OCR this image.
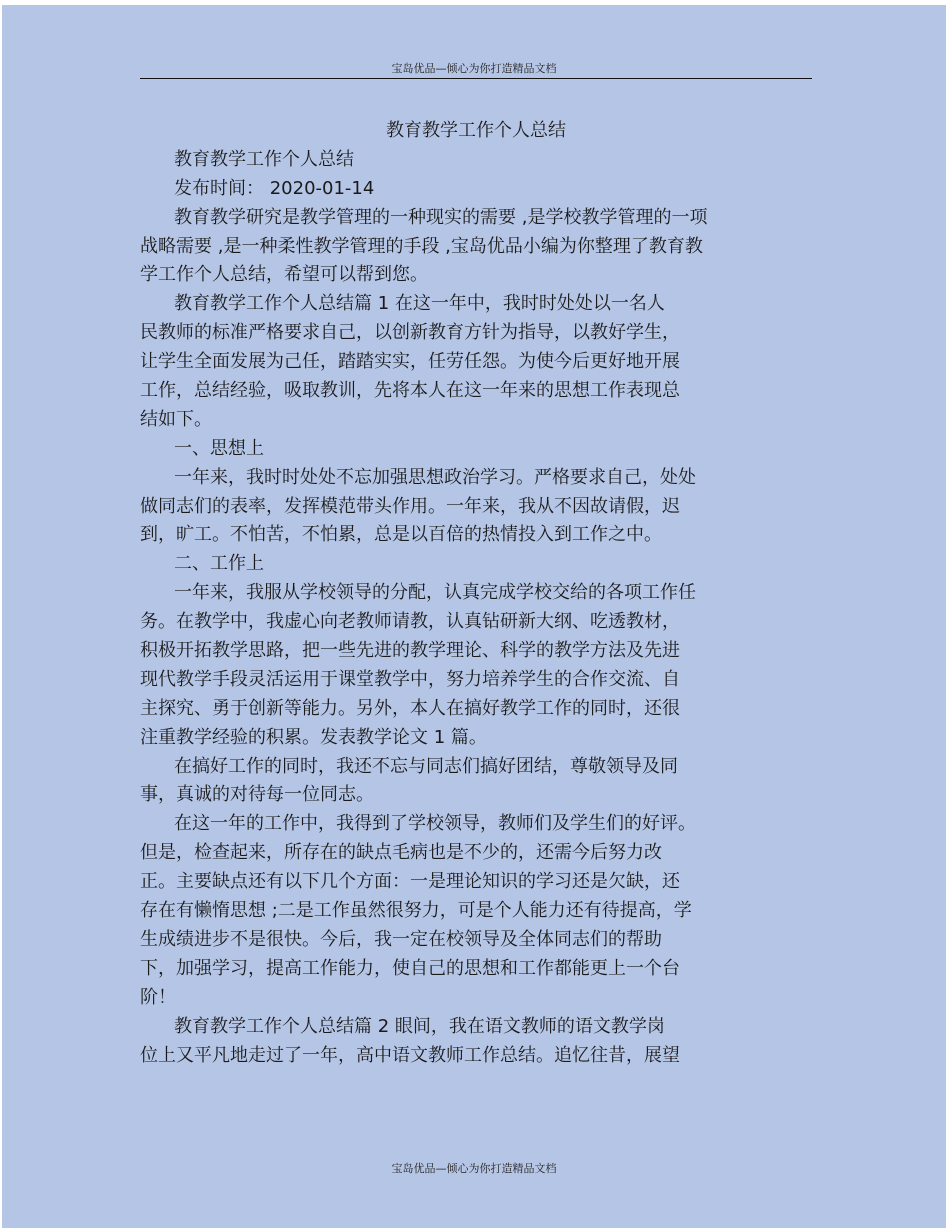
宝岛优品—倾心为你打造精品文档
教育教学工作个人总结
教育教学工作个人总结
发布时间： 2020-01-14
教育教学研究是教学管理的一种现实的需要 ,是学校教学管理的一项
战略需要 ,是一种柔性教学管理的手段 ,宝岛优品小编为你整理了教育教
学工作个人总结，希望可以帮到您。
教育教学工作个人总结篇 1 在这一年中，我时时处处以一名人
民教师的标准严格要求自己，以创新教育方针为指导，以教好学生，
让学生全面发展为己任，踏踏实实，任劳任怨。为使今后更好地开展
工作，总结经验，吸取教训，先将本人在这一年来的思想工作表现总
结如下。
一、思想上
一年来，我时时处处不忘加强思想政治学习。严格要求自己，处处
做同志们的表率，发挥模范带头作用。一年来，我从不因故请假，迟
到，旷工。不怕苦，不怕累，总是以百倍的热情投入到工作之中。
二、工作上
一年来，我服从学校领导的分配，认真完成学校交给的各项工作任
务。在教学中，我虚心向老教师请教，认真钻研新大纲、吃透教材，
积极开拓教学思路，把一些先进的教学理论、科学的教学方法及先进
现代教学手段灵活运用于课堂教学中，努力培养学生的合作交流、自
主探究、勇于创新等能力。另外，本人在搞好教学工作的同时，还很
注重教学经验的积累。发表教学论文 1 篇。
在搞好工作的同时，我还不忘与同志们搞好团结，尊敬领导及同
事，真诚的对待每一位同志。
在这一年的工作中，我得到了学校领导，教师们及学生们的好评。
但是，检查起来，所存在的缺点毛病也是不少的，还需今后努力改
正。主要缺点还有以下几个方面：一是理论知识的学习还是欠缺，还
存在有懒惰思想 ;二是工作虽然很努力，可是个人能力还有待提高，学
生成绩进步不是很快。今后，我一定在校领导及全体同志们的帮助
下，加强学习，提高工作能力，使自己的思想和工作都能更上一个台
阶！
教育教学工作个人总结篇 2 眼间，我在语文教师的语文教学岗
位上又平凡地走过了一年，高中语文教师工作总结。追忆往昔，展望
宝岛优品—倾心为你打造精品文档
